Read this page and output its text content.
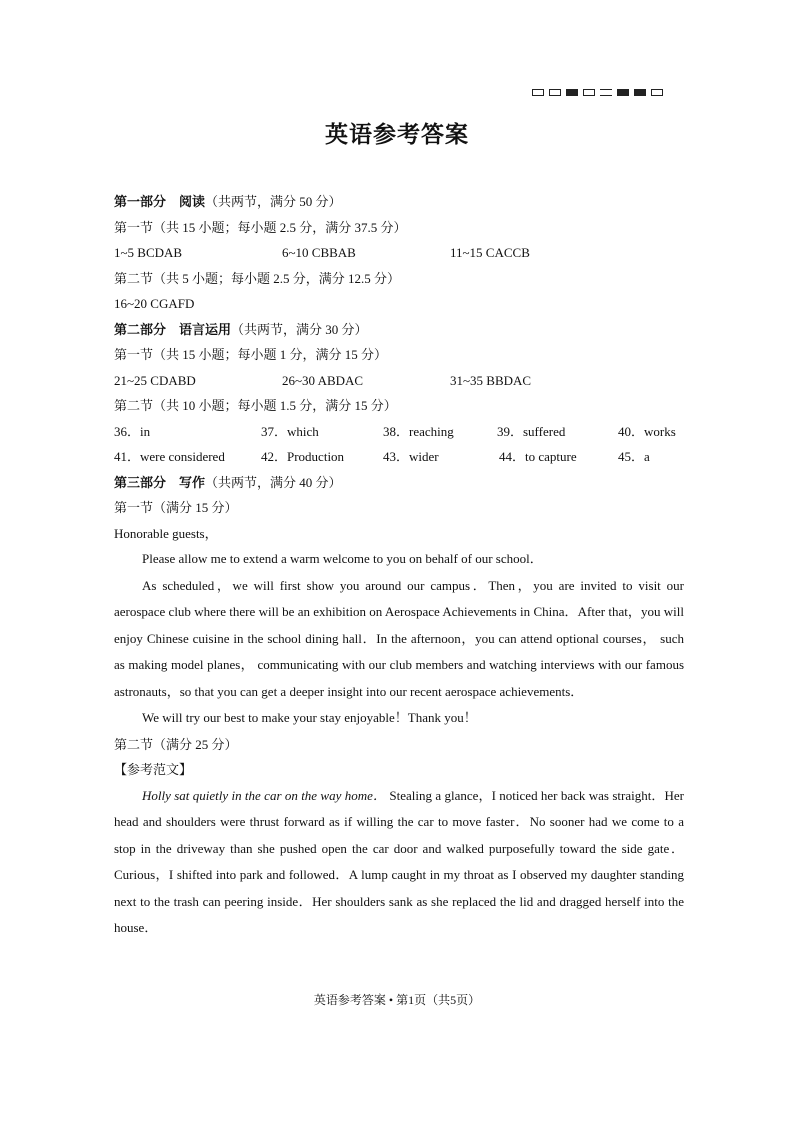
英语参考答案
第一部分　阅读（共两节，满分 50 分）
第一节（共 15 小题；每小题 2.5 分，满分 37.5 分）
1~5 BCDAB	6~10 CBBAB	11~15 CACCB
第二节（共 5 小题；每小题 2.5 分，满分 12.5 分）
16~20 CGAFD
第二部分　语言运用（共两节，满分 30 分）
第一节（共 15 小题；每小题 1 分，满分 15 分）
21~25 CDABD	26~30 ABDAC	31~35 BBDAC
第二节（共 10 小题；每小题 1.5 分，满分 15 分）
36．in	37．which	38．reaching	39．suffered	40．works
41．were considered	42．Production	43．wider	44．to capture	45．a
第三部分　写作（共两节，满分 40 分）
第一节（满分 15 分）
Honorable guests，
Please allow me to extend a warm welcome to you on behalf of our school．
As scheduled，we will first show you around our campus．Then，you are invited to visit our aerospace club where there will be an exhibition on Aerospace Achievements in China．After that，you will enjoy Chinese cuisine in the school dining hall．In the afternoon，you can attend optional courses， such as making model planes， communicating with our club members and watching interviews with our famous astronauts，so that you can get a deeper insight into our recent aerospace achievements．
We will try our best to make your stay enjoyable！Thank you！
第二节（满分 25 分）
【参考范文】
Holly sat quietly in the car on the way home． Stealing a glance，I noticed her back was straight．Her head and shoulders were thrust forward as if willing the car to move faster．No sooner had we come to a stop in the driveway than she pushed open the car door and walked purposefully toward the side gate．Curious，I shifted into park and followed．A lump caught in my throat as I observed my daughter standing next to the trash can peering inside．Her shoulders sank as she replaced the lid and dragged herself into the house．
英语参考答案 • 第1页（共5页）
